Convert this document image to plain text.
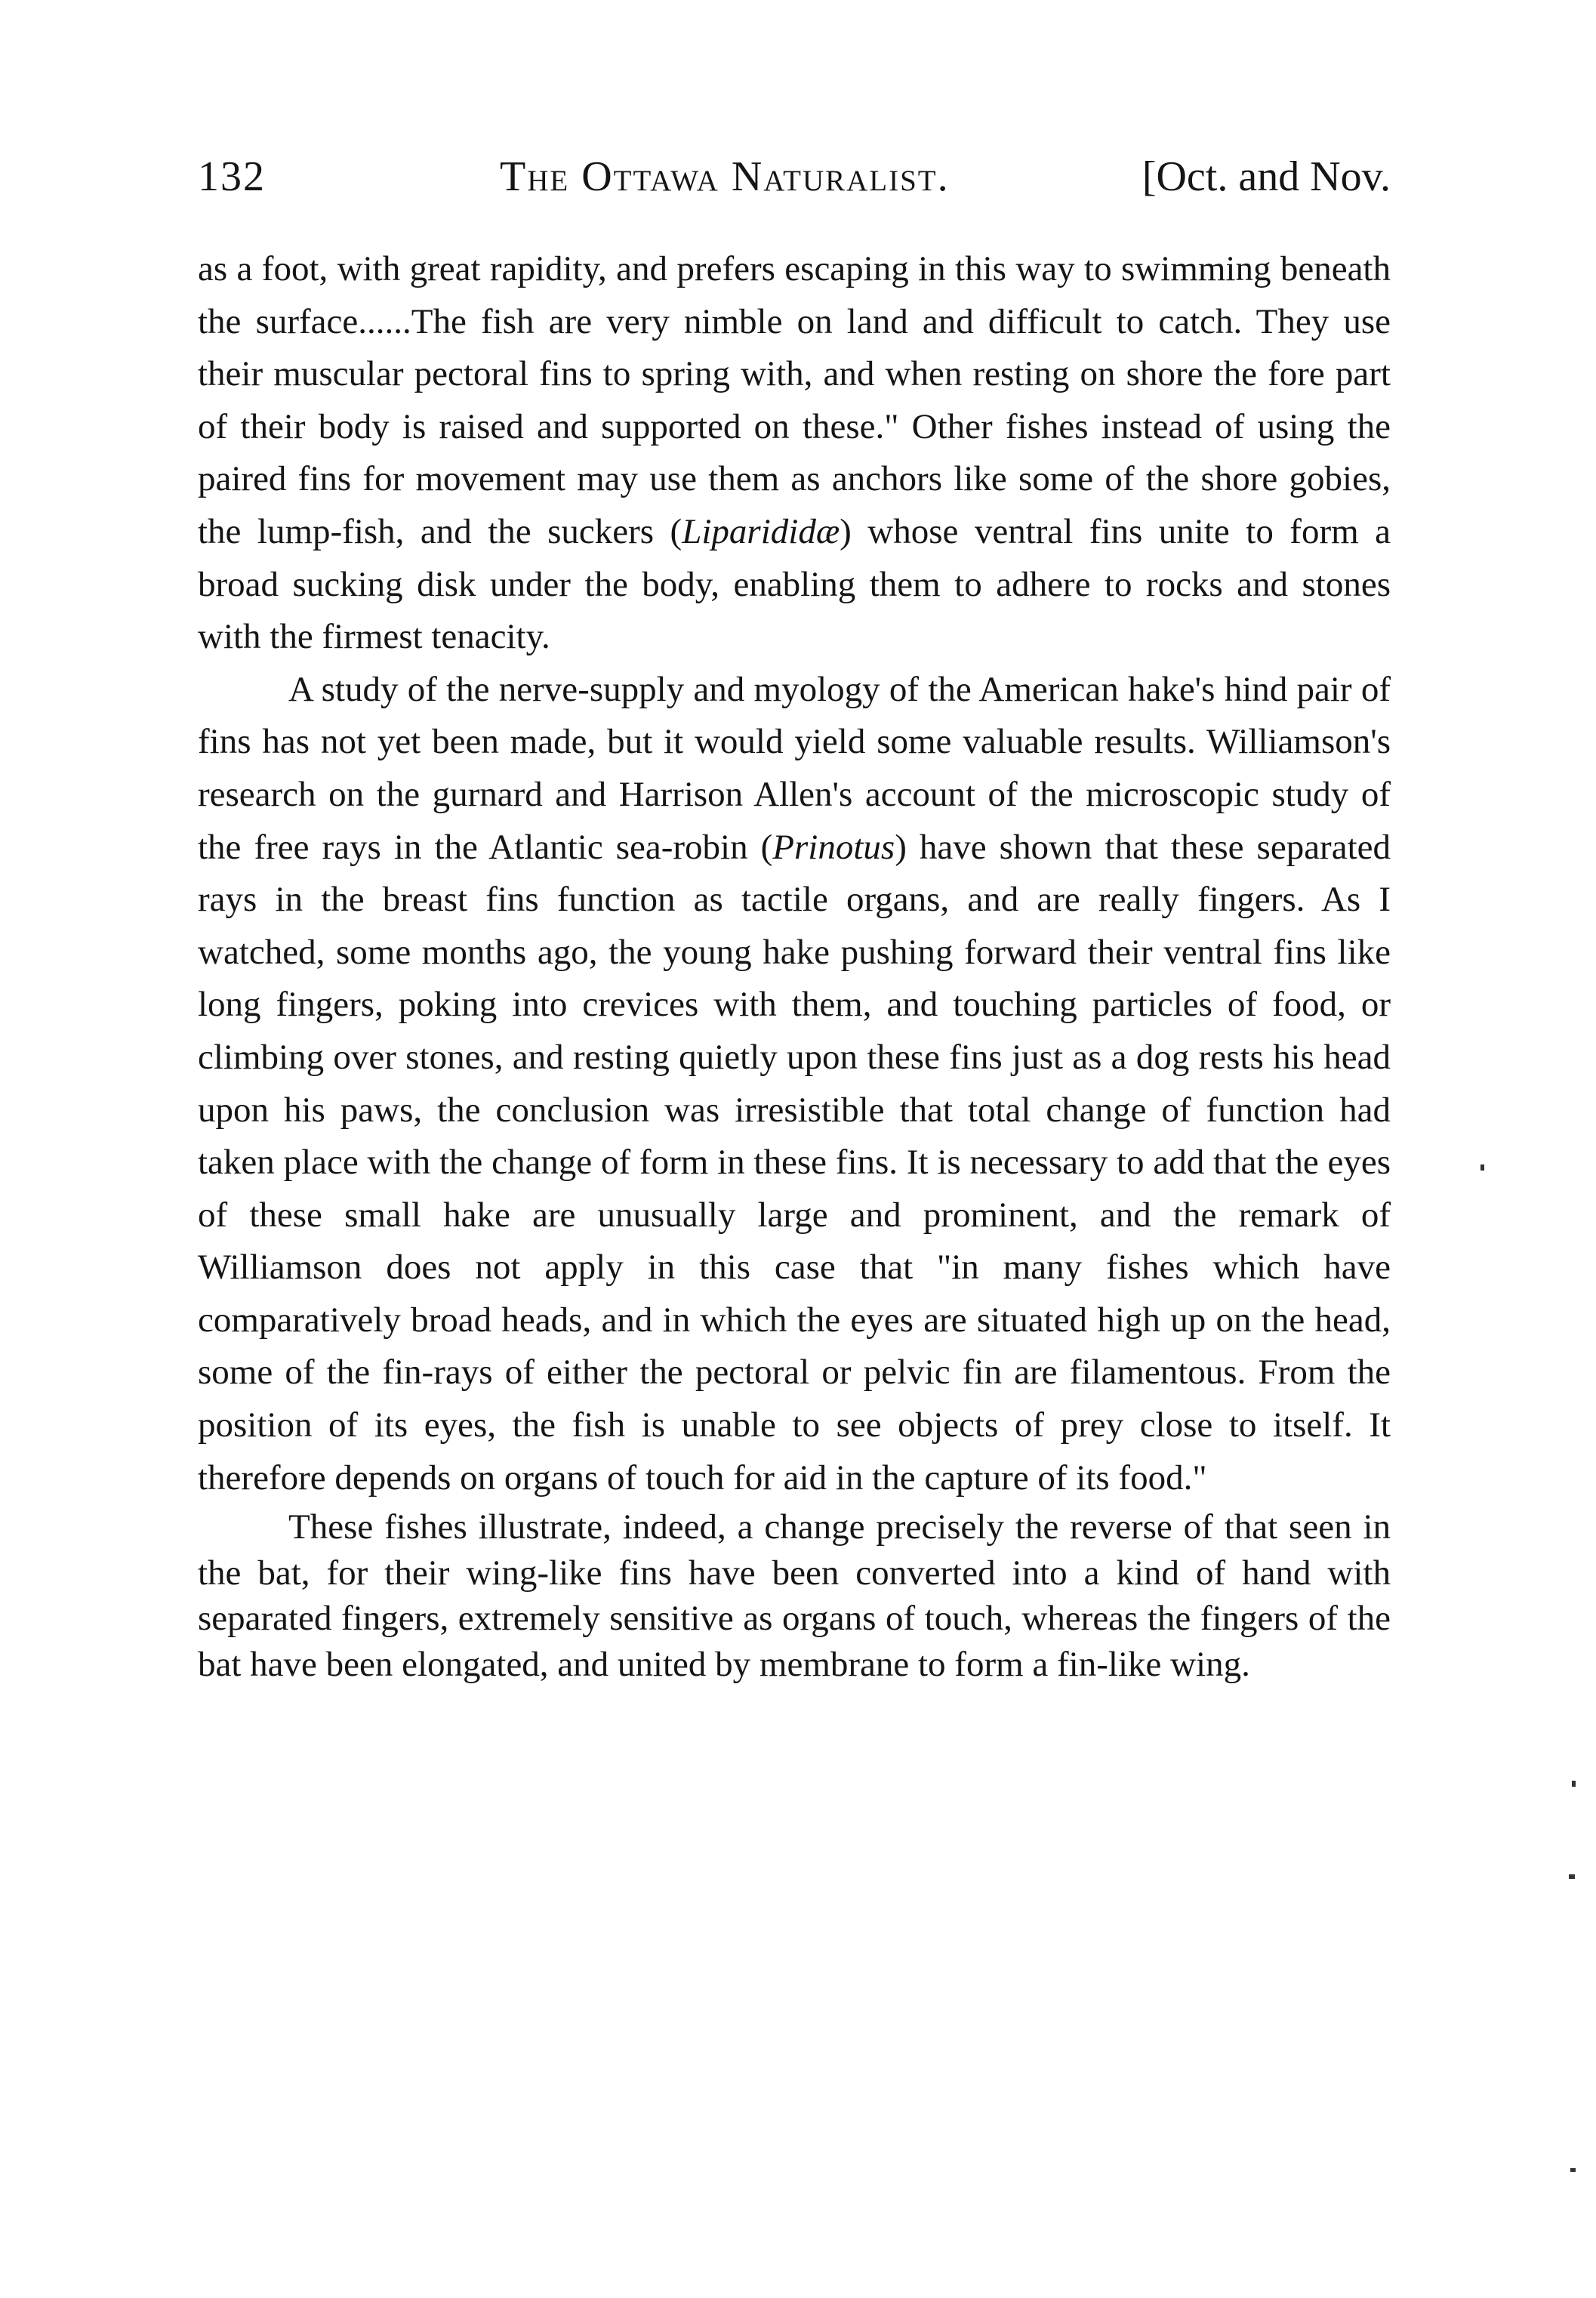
132	The Ottawa Naturalist.	[Oct. and Nov.

as a foot, with great rapidity, and prefers escaping in this way to swimming beneath the surface......The fish are very nimble on land and difficult to catch. They use their muscular pectoral fins to spring with, and when resting on shore the fore part of their body is raised and supported on these." Other fishes instead of using the paired fins for movement may use them as anchors like some of the shore gobies, the lump-fish, and the suckers (Liparididæ) whose ventral fins unite to form a broad sucking disk under the body, enabling them to adhere to rocks and stones with the firmest tenacity.

A study of the nerve-supply and myology of the American hake's hind pair of fins has not yet been made, but it would yield some valuable results. Williamson's research on the gurnard and Harrison Allen's account of the microscopic study of the free rays in the Atlantic sea-robin (Prinotus) have shown that these separated rays in the breast fins function as tactile organs, and are really fingers. As I watched, some months ago, the young hake pushing forward their ventral fins like long fingers, poking into crevices with them, and touching particles of food, or climbing over stones, and resting quietly upon these fins just as a dog rests his head upon his paws, the conclusion was irresistible that total change of function had taken place with the change of form in these fins. It is necessary to add that the eyes of these small hake are unusually large and prominent, and the remark of Williamson does not apply in this case that "in many fishes which have comparatively broad heads, and in which the eyes are situated high up on the head, some of the fin-rays of either the pectoral or pelvic fin are filamentous. From the position of its eyes, the fish is unable to see objects of prey close to itself. It therefore depends on organs of touch for aid in the capture of its food."

These fishes illustrate, indeed, a change precisely the reverse of that seen in the bat, for their wing-like fins have been converted into a kind of hand with separated fingers, extremely sensitive as organs of touch, whereas the fingers of the bat have been elongated, and united by membrane to form a fin-like wing.
